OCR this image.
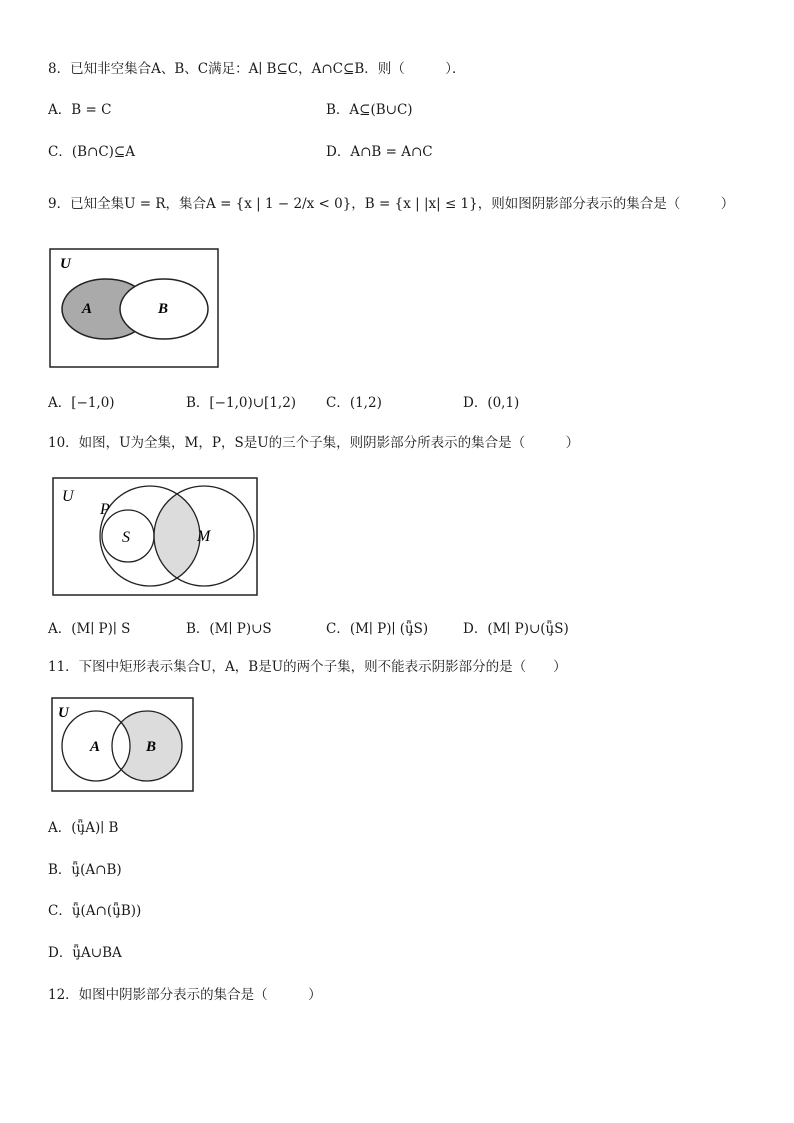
8．已知非空集合A、B、C满足：A∣ B⊆C，A∩C⊆B．则（　　　）．
A．B = C	B．A⊆(B∪C)
C．(B∩C)⊆A	D．A∩B = A∩C
9．已知全集U = R，集合A = {x | 1 − 2/x < 0}，B = {x | |x| ≤ 1}，则如图阴影部分表示的集合是（　　　）
U
A	B
A．[−1,0)	B．[−1,0)∪[1,2) C．(1,2)	D．(0,1)
10．如图，U为全集，M，P，S是U的三个子集，则阴影部分所表示的集合是（　　　）
U
P
S	M
A．(M∣ P)∣ S	B．(M∣ P)∪S	C．(M∣ P)∣ (ǖ̧S)	D．(M∣ P)∪(ǖ̧S)
11．下图中矩形表示集合U，A，B是U的两个子集，则不能表示阴影部分的是（　　）
U
A	B
A．(ǖ̧A)∣ B
B．ǖ̧(A∩B)
C．ǖ̧(A∩(ǖ̧B))
D．ǖ̧A∪BA
12．如图中阴影部分表示的集合是（　　　）
